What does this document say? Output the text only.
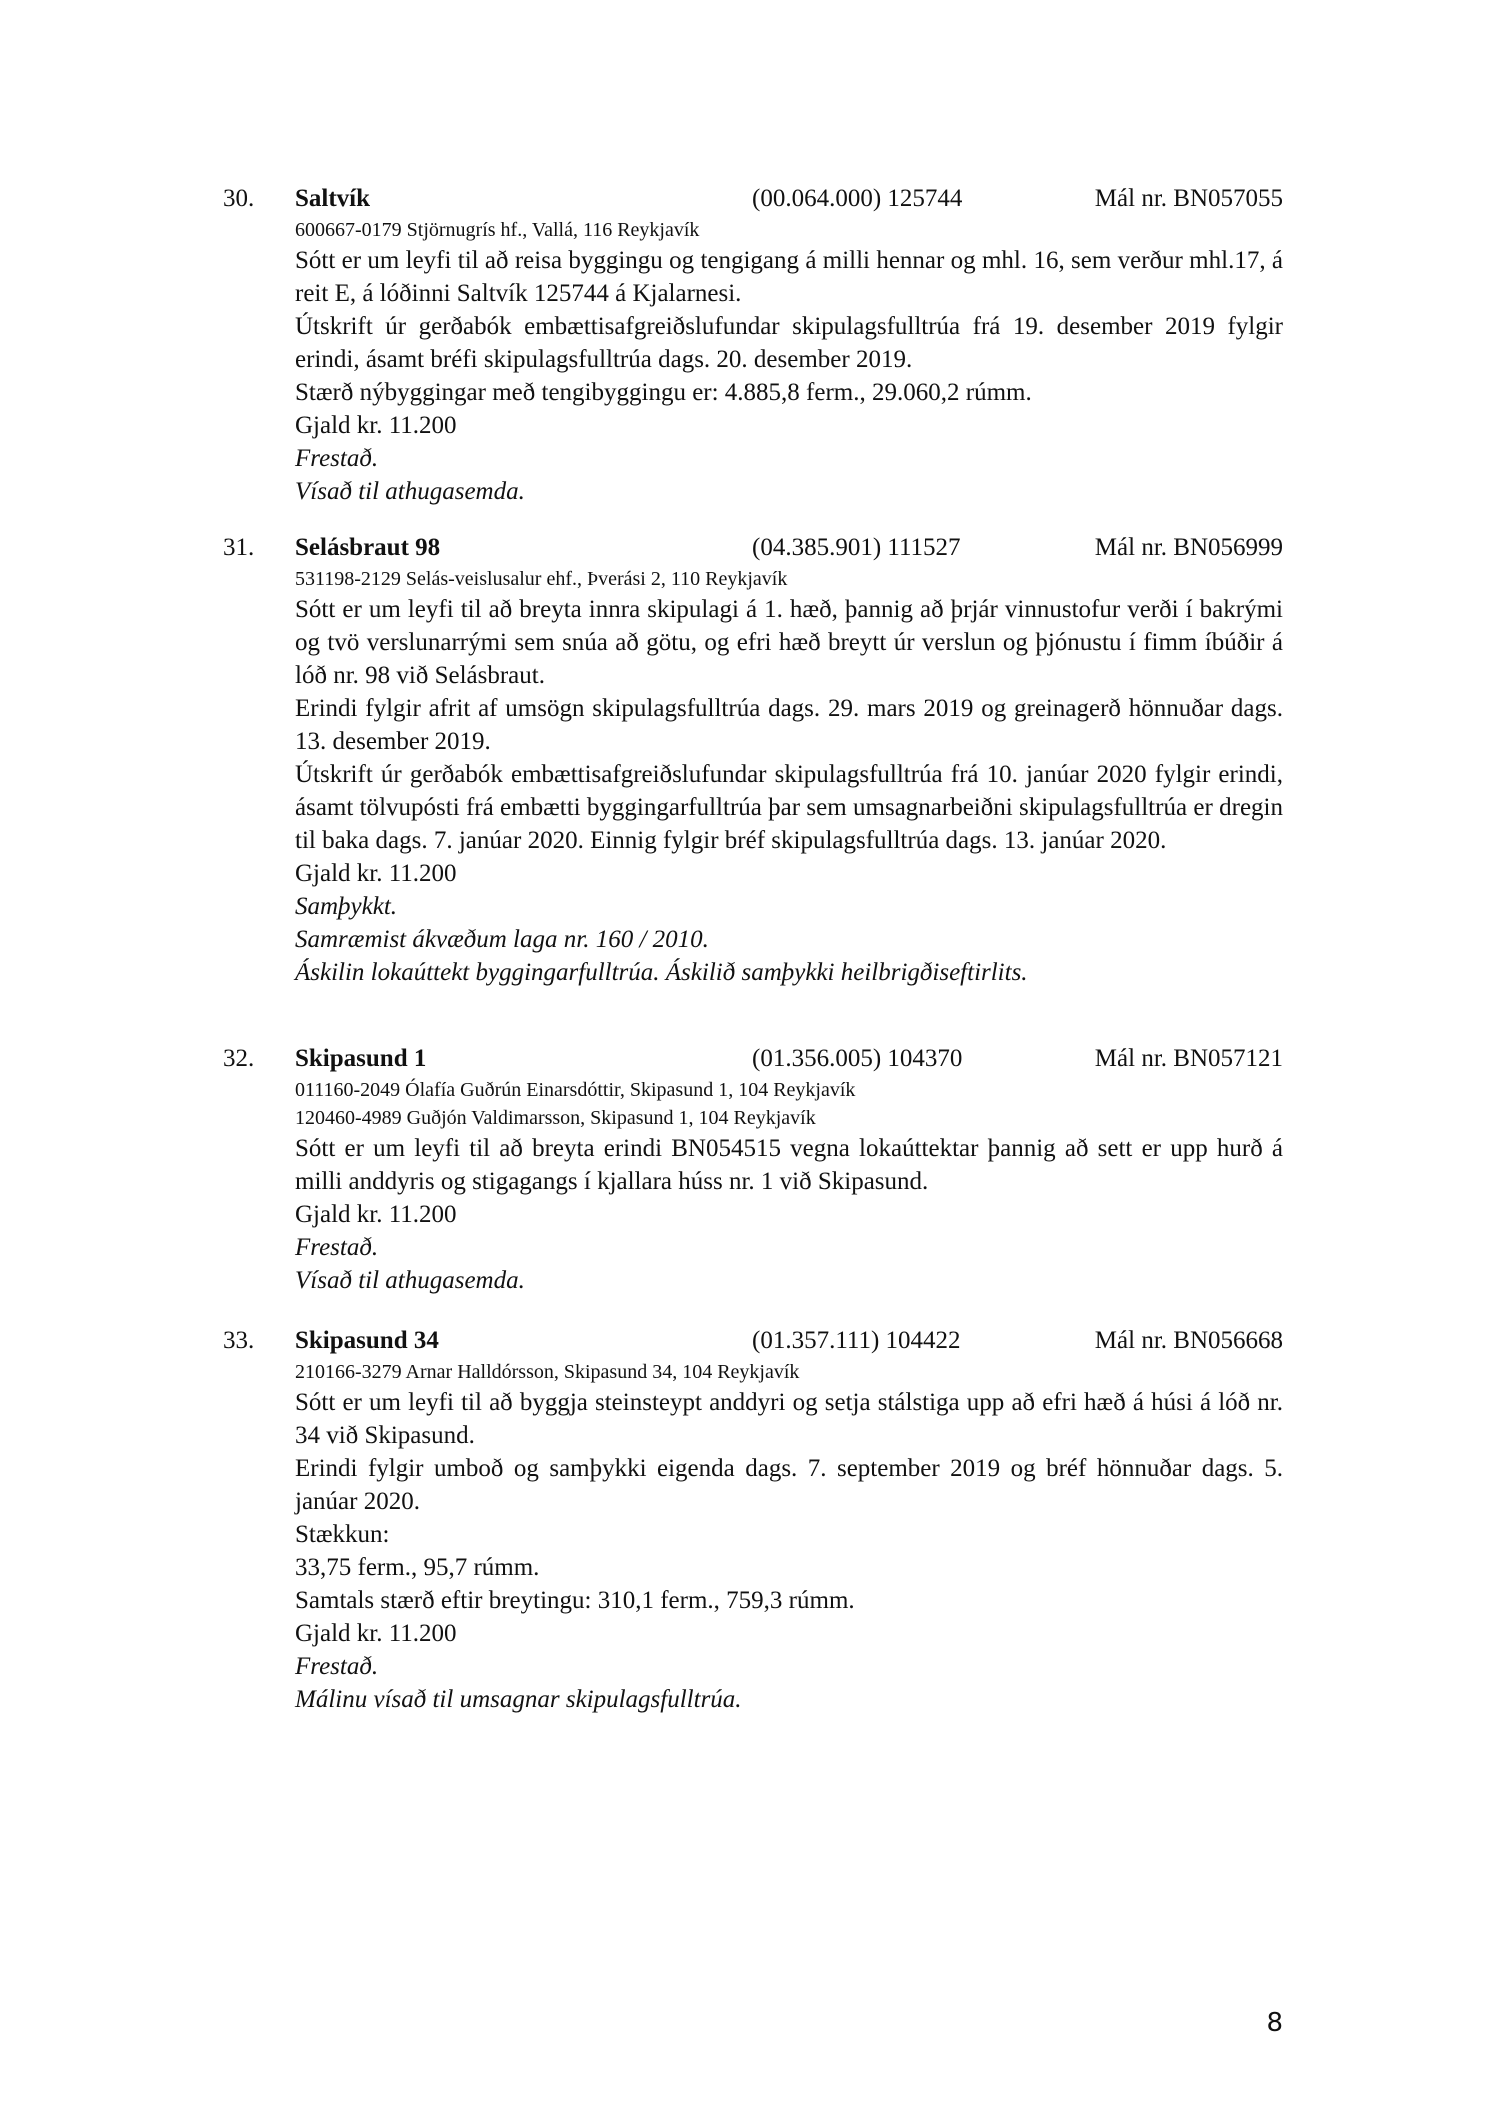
30. Saltvík	(00.064.000) 125744	Mál nr. BN057055
600667-0179 Stjörnugrís hf., Vallá, 116 Reykjavík
Sótt er um leyfi til að reisa byggingu og tengigang á milli hennar og mhl. 16, sem verður mhl.17, á reit E, á lóðinni Saltvík 125744 á Kjalarnesi.
Útskrift úr gerðabók embættisafgreiðslufundar skipulagsfulltrúa frá 19. desember 2019 fylgir erindi, ásamt bréfi skipulagsfulltrúa dags. 20. desember 2019.
Stærð nýbyggingar með tengibyggingu er: 4.885,8 ferm., 29.060,2 rúmm.
Gjald kr. 11.200
Frestað.
Vísað til athugasemda.
31. Selásbraut 98	(04.385.901) 111527	Mál nr. BN056999
531198-2129 Selás-veislusalur ehf., Þverási 2, 110 Reykjavík
Sótt er um leyfi til að breyta innra skipulagi á 1. hæð, þannig að þrjár vinnustofur verði í bakrými og tvö verslunarrými sem snúa að götu, og efri hæð breytt úr verslun og þjónustu í fimm íbúðir á lóð nr. 98 við Selásbraut.
Erindi fylgir afrit af umsögn skipulagsfulltrúa dags. 29. mars 2019 og greinagerð hönnuðar dags. 13. desember 2019.
Útskrift úr gerðabók embættisafgreiðslufundar skipulagsfulltrúa frá 10. janúar 2020 fylgir erindi, ásamt tölvupósti frá embætti byggingarfulltrúa þar sem umsagnarbeiðni skipulagsfulltrúa er dregin til baka dags. 7. janúar 2020. Einnig fylgir bréf skipulagsfulltrúa dags. 13. janúar 2020.
Gjald kr. 11.200
Samþykkt.
Samræmist ákvæðum laga nr. 160 / 2010.
Áskilin lokaúttekt byggingarfulltrúa. Áskilið samþykki heilbrigðiseftirlits.
32. Skipasund 1	(01.356.005) 104370	Mál nr. BN057121
011160-2049 Ólafía Guðrún Einarsdóttir, Skipasund 1, 104 Reykjavík
120460-4989 Guðjón Valdimarsson, Skipasund 1, 104 Reykjavík
Sótt er um leyfi til að breyta erindi BN054515 vegna lokaúttektar þannig að sett er upp hurð á milli anddyris og stigagangs í kjallara húss nr. 1 við Skipasund.
Gjald kr. 11.200
Frestað.
Vísað til athugasemda.
33. Skipasund 34	(01.357.111) 104422	Mál nr. BN056668
210166-3279 Arnar Halldórsson, Skipasund 34, 104 Reykjavík
Sótt er um leyfi til að byggja steinsteypt anddyri og setja stálstiga upp að efri hæð á húsi á lóð nr. 34 við Skipasund.
Erindi fylgir umboð og samþykki eigenda dags. 7. september 2019 og bréf hönnuðar dags. 5. janúar 2020.
Stækkun:
33,75 ferm., 95,7 rúmm.
Samtals stærð eftir breytingu: 310,1 ferm., 759,3 rúmm.
Gjald kr. 11.200
Frestað.
Málinu vísað til umsagnar skipulagsfulltrúa.
8
